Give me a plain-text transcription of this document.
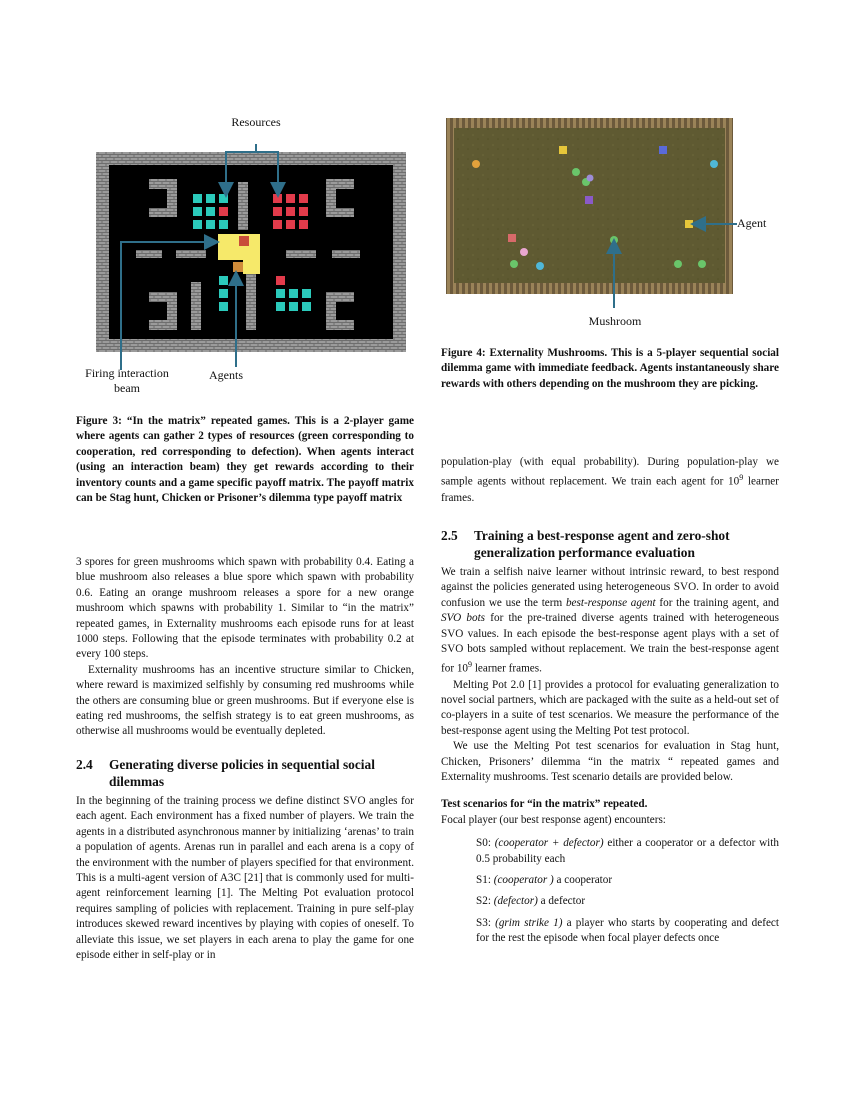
Resources
Firing interaction beam
Agents
Figure 3: “In the matrix” repeated games. This is a 2-player game where agents can gather 2 types of resources (green corresponding to cooperation, red corresponding to defection). When agents interact (using an interaction beam) they get rewards according to their inventory counts and a game specific payoff matrix. The payoff matrix can be Stag hunt, Chicken or Prisoner’s dilemma type payoff matrix
Agent
Mushroom
Figure 4: Externality Mushrooms. This is a 5-player sequential social dilemma game with immediate feedback. Agents instantaneously share rewards with others depending on the mushroom they are picking.

3 spores for green mushrooms which spawn with probability 0.4. Eating a blue mushroom also releases a blue spore which spawn with probability 0.6. Eating an orange mushroom releases a spore for a new orange mushroom which spawns with probability 1. Similar to “in the matrix” repeated games, in Externality mushrooms each episode runs for at least 1000 steps. Following that the episode terminates with probability 0.2 at every 100 steps.

Externality mushrooms has an incentive structure similar to Chicken, where reward is maximized selfishly by consuming red mushrooms while the others are consuming blue or green mushrooms. But if everyone else is eating red mushrooms, the selfish strategy is to eat green mushrooms, as otherwise all mushrooms would be eventually depleted.

2.4	Generating diverse policies in sequential social dilemmas

In the beginning of the training process we define distinct SVO angles for each agent. Each environment has a fixed number of players. We train the agents in a distributed asynchronous manner by initializing ‘arenas’ to train a population of agents. Arenas run in parallel and each arena is a copy of the environment with the number of players specified for that environment. This is a multi-agent version of A3C [21] that is commonly used for multi-agent reinforcement learning [1]. The Melting Pot evaluation protocol requires sampling of policies with replacement. Training in pure self-play introduces skewed reward incentives by playing with copies of oneself. To alleviate this issue, we set players in each arena to play the game for one episode either in self-play or in

population-play (with equal probability). During population-play we sample agents without replacement. We train each agent for $10^9$ learner frames.

2.5	Training a best-response agent and zero-shot generalization performance evaluation

We train a selfish naive learner without intrinsic reward, to best respond against the policies generated using heterogeneous SVO. In order to avoid confusion we use the term best-response agent for the training agent, and SVO bots for the pre-trained diverse agents trained with heterogeneous SVO values. In each episode the best-response agent plays with a set of SVO bots sampled without replacement. We train the best-response agent for $10^9$ learner frames.

Melting Pot 2.0 [1] provides a protocol for evaluating generalization to novel social partners, which are packaged with the suite as a held-out set of co-players in a suite of test scenarios. We measure the performance of the best-response agent using the Melting Pot test protocol.

We use the Melting Pot test scenarios for evaluation in Stag hunt, Chicken, Prisoners’ dilemma “in the matrix “ repeated games and Externality mushrooms. Test scenario details are provided below.

Test scenarios for “in the matrix” repeated.

Focal player (our best response agent) encounters:

S0: (cooperator + defector) either a cooperator or a defector with 0.5 probability each
S1: (cooperator ) a cooperator
S2: (defector) a defector
S3: (grim strike 1) a player who starts by cooperating and defect for the rest the episode when focal player defects once
